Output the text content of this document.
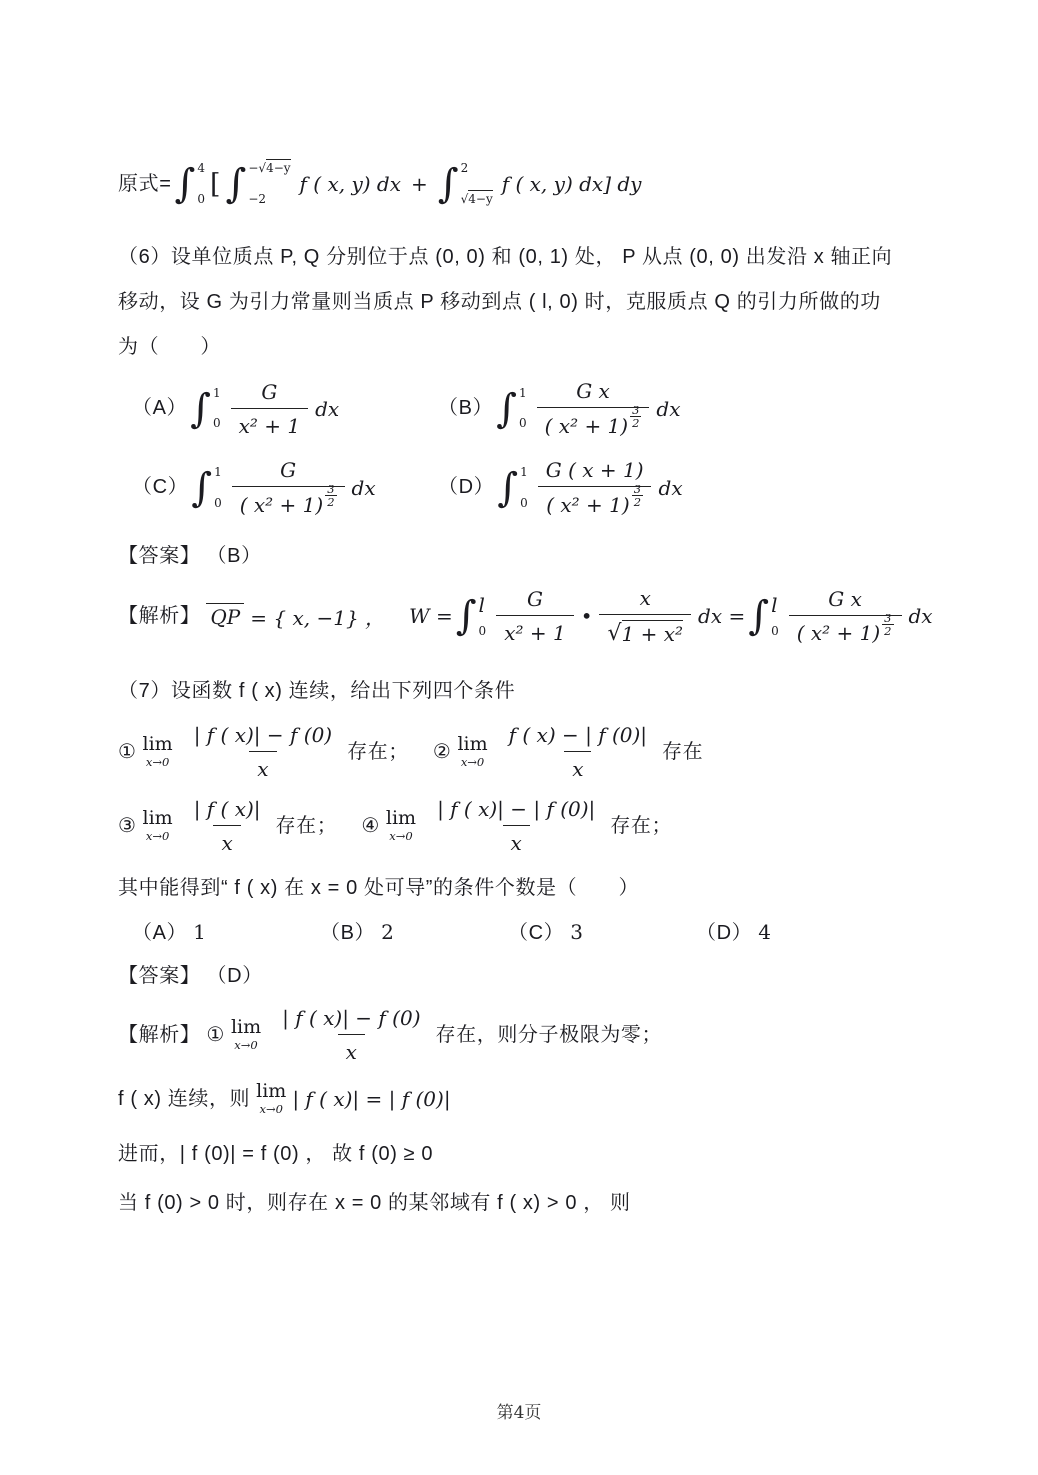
原式= ∫ 4
0 [ ∫ −√4−y
−2
f ( x, y) dx + ∫ 2
√4−y
f ( x, y) dx] dy
（6）设单位质点 P, Q 分别位于点 (0, 0) 和 (0, 1) 处， P 从点 (0, 0) 出发沿 x 轴正向
移动，设 G 为引力常量则当质点 P 移动到点 ( l, 0) 时，克服质点 Q 的引力所做的功
为（　　）
（A） ∫ 1
$0 \frac{G}{\text{x² + 1}}$ dx	（B） ∫ 1
$0 \frac{\text{G x}}{( x^2 + 1) \frac{3}{2}}$ dx
（C） ∫ 1
$0 \frac{G}{( x^2 + 1) \frac{3}{2}}$ dx	（D） ∫ 1
$0 \frac{G ( x + 1)}{( x^2 + 1) \frac{3}{2}}$ dx
【答案】 （B）
【解析】 QP = { x, −1} ， W = ∫ l
$0 \frac{G}{\text{x² + 1}}$ • $\frac{x}{\text{√ 1 + x²}}$ dx = ∫ l
$0 \frac{\text{G x}}{( x^2 + 1) \frac{3}{2}}$ dx
（7）设函数 f ( x) 连续，给出下列四个条件
① lim
$x\to 0 \frac{| f ( x)| - f (0)}{x}$ 存在； ② lim
$x\to 0 \frac{f ( x) - | f (0)|}{x}$ 存在
③ lim
$x\to 0 \frac{| f ( x)|}{x}$ 存在； ④ lim
$x\to 0 \frac{| f ( x)| - | f (0)|}{x}$ 存在；
其中能得到“ f ( x) 在 x = 0 处可导”的条件个数是（　　）
（A） 1	（B） 2	（C） 3	（D） 4
【答案】 （D）
【解析】 ① lim
$x\to 0 \frac{| f ( x)| - f (0)}{x}$ 存在，则分子极限为零；
f ( x) 连续，则 lim
x→0 | f ( x)| = | f (0)|
进而，| f (0)| = f (0) ， 故 f (0) ≥ 0
当 f (0) > 0 时，则存在 x = 0 的某邻域有 f ( x) > 0 ， 则
第4页
